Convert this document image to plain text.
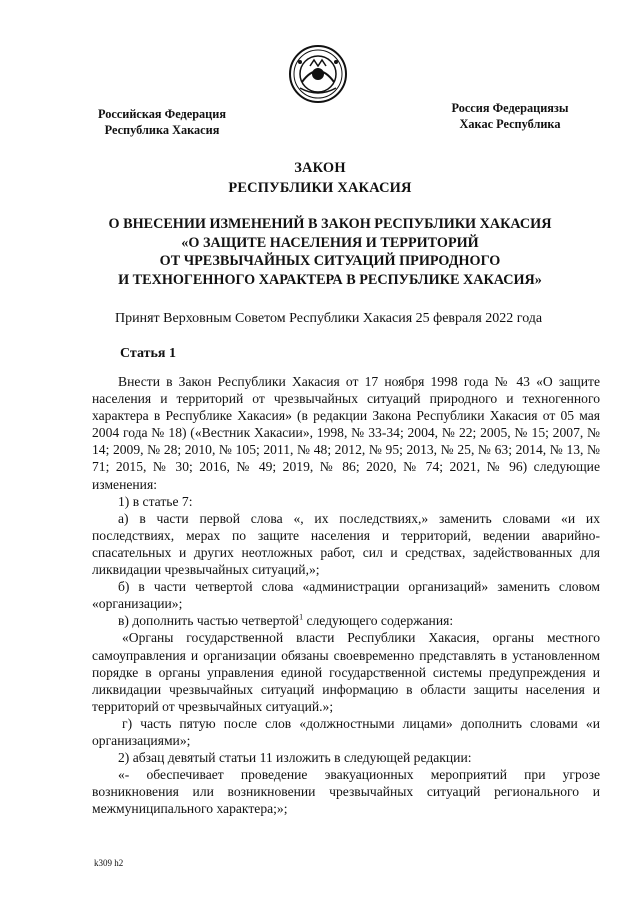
Российская Федерация
Республика Хакасия
Россия Федерациязы
Хакас Республика
ЗАКОН
РЕСПУБЛИКИ ХАКАСИЯ
О ВНЕСЕНИИ ИЗМЕНЕНИЙ В ЗАКОН РЕСПУБЛИКИ ХАКАСИЯ
«О ЗАЩИТЕ НАСЕЛЕНИЯ И ТЕРРИТОРИЙ
ОТ ЧРЕЗВЫЧАЙНЫХ СИТУАЦИЙ ПРИРОДНОГО
И ТЕХНОГЕННОГО ХАРАКТЕРА В РЕСПУБЛИКЕ ХАКАСИЯ»
Принят Верховным Советом Республики Хакасия 25 февраля 2022 года
Статья 1

Внести в Закон Республики Хакасия от 17 ноября 1998 года № 43 «О защите населения и территорий от чрезвычайных ситуаций природного и техногенного характера в Республике Хакасия» (в редакции Закона Республики Хакасия от 05 мая 2004 года № 18) («Вестник Хакасии», 1998, № 33-34; 2004, № 22; 2005, № 15; 2007, № 14; 2009, № 28; 2010, № 105; 2011, № 48; 2012, № 95; 2013, № 25, № 63; 2014, № 13, № 71; 2015, № 30; 2016, № 49; 2019, № 86; 2020, № 74; 2021, № 96) следующие изменения:

1) в статье 7:

а) в части первой слова «, их последствиях,» заменить словами «и их последствиях, мерах по защите населения и территорий, ведении аварийно-спасательных и других неотложных работ, сил и средствах, задействованных для ликвидации чрезвычайных ситуаций,»;

б) в части четвертой слова «администрации организаций» заменить словом «организации»;

в) дополнить частью четвертой$^1$ следующего содержания:

«Органы государственной власти Республики Хакасия, органы местного самоуправления и организации обязаны своевременно представлять в установленном порядке в органы управления единой государственной системы предупреждения и ликвидации чрезвычайных ситуаций информацию в области защиты населения и территорий от чрезвычайных ситуаций.»;

г) часть пятую после слов «должностными лицами» дополнить словами «и организациями»;

2) абзац девятый статьи 11 изложить в следующей редакции:

«- обеспечивает проведение эвакуационных мероприятий при угрозе возникновения или возникновении чрезвычайных ситуаций регионального и межмуниципального характера;»;

k309 h2
